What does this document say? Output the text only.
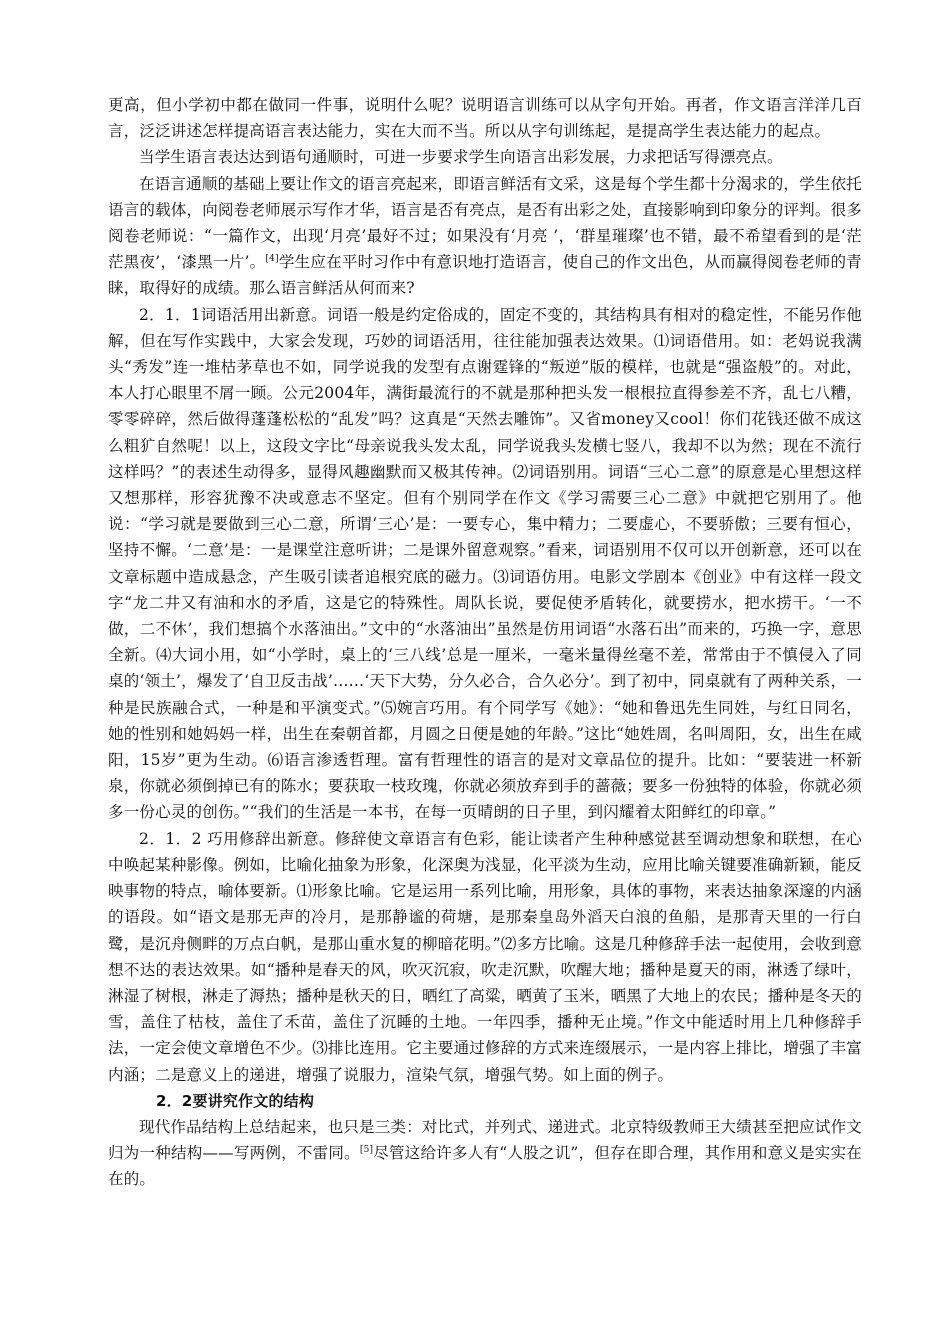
更高，但小学初中都在做同一件事，说明什么呢？说明语言训练可以从字句开始。再者，作文语言洋洋几百言，泛泛讲述怎样提高语言表达能力，实在大而不当。所以从字句训练起，是提高学生表达能力的起点。

当学生语言表达达到语句通顺时，可进一步要求学生向语言出彩发展，力求把话写得漂亮点。

在语言通顺的基础上要让作文的语言亮起来，即语言鲜活有文采，这是每个学生都十分渴求的，学生依托语言的载体，向阅卷老师展示写作才华，语言是否有亮点，是否有出彩之处，直接影响到印象分的评判。很多阅卷老师说：“一篇作文，出现‘月亮’最好不过；如果没有‘月亮 ’，‘群星璀璨’也不错，最不希望看到的是‘茫茫黑夜’，‘漆黑一片’。[4]学生应在平时习作中有意识地打造语言，使自己的作文出色，从而赢得阅卷老师的青睐，取得好的成绩。那么语言鲜活从何而来?

2．1．1词语活用出新意。词语一般是约定俗成的，固定不变的，其结构具有相对的稳定性，不能另作他解，但在写作实践中，大家会发现，巧妙的词语活用，往往能加强表达效果。⑴词语借用。如：老妈说我满头“秀发”连一堆枯茅草也不如，同学说我的发型有点谢霆锋的“叛逆”版的模样，也就是“强盗般”的。对此，本人打心眼里不屑一顾。公元2004年，满街最流行的不就是那种把头发一根根拉直得参差不齐，乱七八糟，零零碎碎，然后做得蓬蓬松松的“乱发”吗？这真是“天然去雕饰”。又省money又cool！你们花钱还做不成这么粗犷自然呢！以上，这段文字比“母亲说我头发太乱，同学说我头发横七竖八，我却不以为然；现在不流行这样吗？”的表述生动得多，显得风趣幽默而又极其传神。⑵词语别用。词语“三心二意”的原意是心里想这样又想那样，形容犹豫不决或意志不坚定。但有个别同学在作文《学习需要三心二意》中就把它别用了。他说：“学习就是要做到三心二意，所谓‘三心’是：一要专心，集中精力；二要虚心，不要骄傲；三要有恒心，坚持不懈。‘二意’是：一是课堂注意听讲；二是课外留意观察。”看来，词语别用不仅可以开创新意，还可以在文章标题中造成悬念，产生吸引读者追根究底的磁力。⑶词语仿用。电影文学剧本《创业》中有这样一段文字“龙二井又有油和水的矛盾，这是它的特殊性。周队长说，要促使矛盾转化，就要捞水，把水捞干。‘一不做，二不休’，我们想搞个水落油出。”文中的“水落油出”虽然是仿用词语“水落石出”而来的，巧换一字，意思全新。⑷大词小用，如“小学时，桌上的‘三八线’总是一厘米，一毫米量得丝毫不差，常常由于不慎侵入了同桌的‘领土’，爆发了‘自卫反击战’……‘天下大势，分久必合，合久必分’。到了初中，同桌就有了两种关系，一种是民族融合式，一种是和平演变式。”⑸婉言巧用。有个同学写《她》：“她和鲁迅先生同姓，与红日同名，她的性别和她妈妈一样，出生在秦朝首都，月圆之日便是她的年龄。”这比“她姓周，名叫周阳，女，出生在咸阳，15岁”更为生动。⑹语言渗透哲理。富有哲理性的语言的是对文章品位的提升。比如：“要装进一杯新泉，你就必须倒掉已有的陈水；要获取一枝玫瑰，你就必须放弃到手的蔷薇；要多一份独特的体验，你就必须多一份心灵的创伤。”“我们的生活是一本书，在每一页晴朗的日子里，到闪耀着太阳鲜红的印章。”

2．1．2 巧用修辞出新意。修辞使文章语言有色彩，能让读者产生种种感觉甚至调动想象和联想，在心中唤起某种影像。例如，比喻化抽象为形象，化深奥为浅显，化平淡为生动，应用比喻关键要准确新颖，能反映事物的特点，喻体要新。⑴形象比喻。它是运用一系列比喻，用形象，具体的事物，来表达抽象深邃的内涵的语段。如“语文是那无声的冷月，是那静谧的荷塘，是那秦皇岛外滔天白浪的鱼船，是那青天里的一行白鹭，是沉舟侧畔的万点白帆，是那山重水复的柳暗花明。”⑵多方比喻。这是几种修辞手法一起使用，会收到意想不达的表达效果。如“播种是春天的风，吹灭沉寂，吹走沉默，吹醒大地；播种是夏天的雨，淋透了绿叶，淋湿了树根，淋走了溽热；播种是秋天的日，晒红了高粱，晒黄了玉米，晒黑了大地上的农民；播种是冬天的雪，盖住了枯枝，盖住了禾苗，盖住了沉睡的土地。一年四季，播种无止境。”作文中能适时用上几种修辞手法，一定会使文章增色不少。⑶排比连用。它主要通过修辞的方式来连缀展示，一是内容上排比，增强了丰富内涵；二是意义上的递进，增强了说服力，渲染气氛，增强气势。如上面的例子。

2．2要讲究作文的结构

现代作品结构上总结起来，也只是三类：对比式，并列式、递进式。北京特级教师王大绩甚至把应试作文归为一种结构——写两例，不雷同。[5]尽管这给许多人有“人股之讥”，但存在即合理，其作用和意义是实实在在的。
